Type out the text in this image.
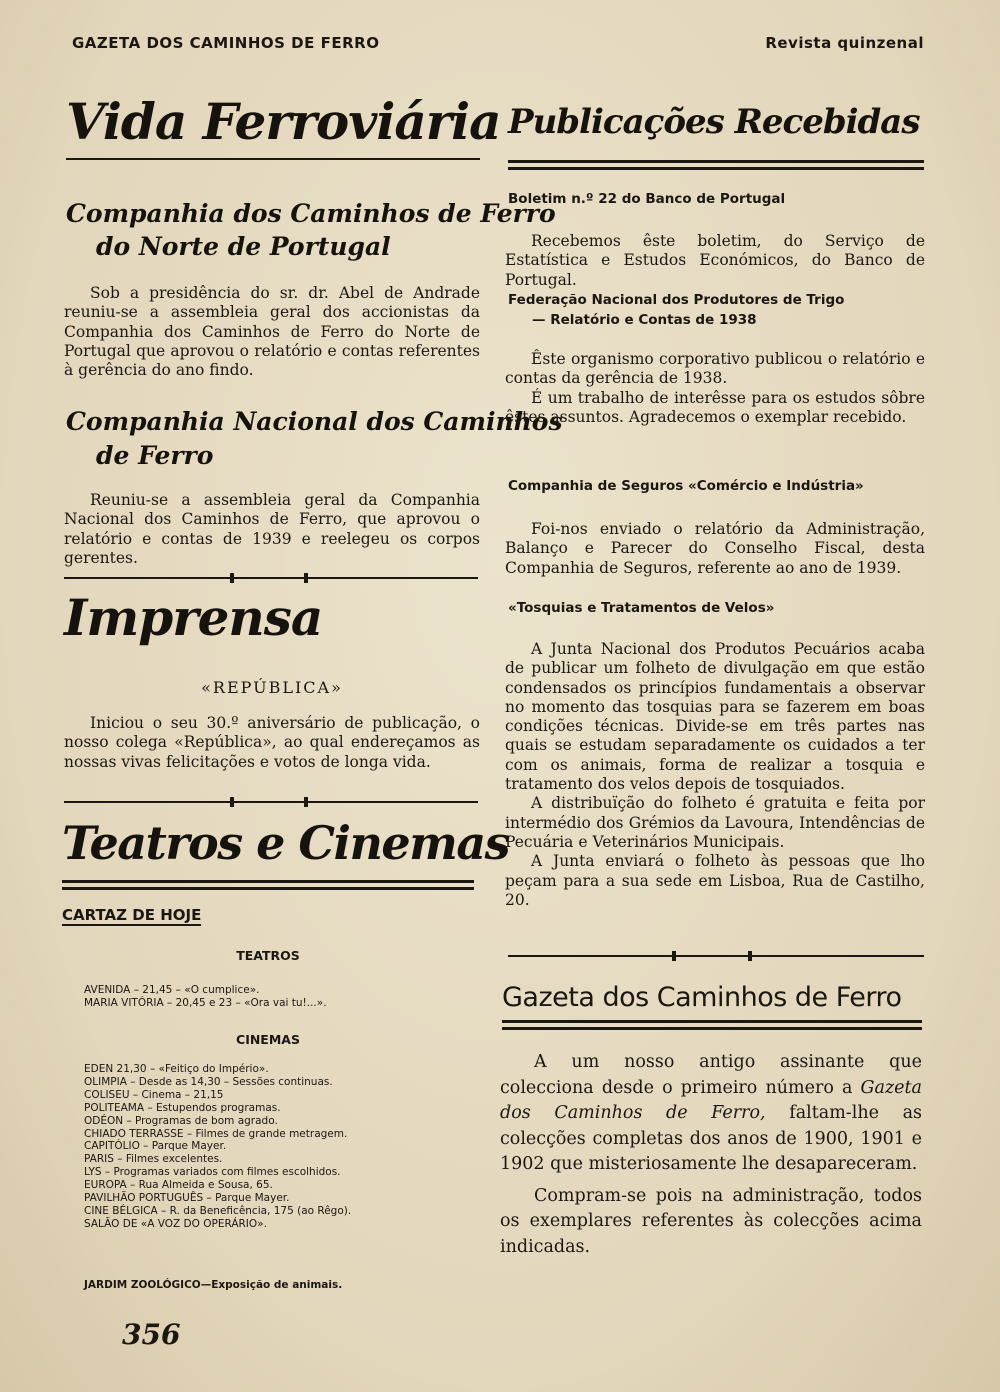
GAZETA DOS CAMINHOS DE FERRO	Revista quinzenal
Vida Ferroviária
Companhia dos Caminhos de Ferro
do Norte de Portugal

Sob a presidência do sr. dr. Abel de Andrade reuniu-se a assembleia geral dos accionistas da Companhia dos Caminhos de Ferro do Norte de Portugal que aprovou o relatório e contas referentes à gerência do ano findo.

Companhia Nacional dos Caminhos
de Ferro

Reuniu-se a assembleia geral da Companhia Nacional dos Caminhos de Ferro, que aprovou o relatório e contas de 1939 e reelegeu os corpos gerentes.

Imprensa
«REPÚBLICA»

Iniciou o seu 30.º aniversário de publicação, o nosso colega «República», ao qual endereçamos as nossas vivas felicitações e votos de longa vida.

Teatros e Cinemas
CARTAZ DE HOJE
TEATROS
AVENIDA – 21,45 – «O cumplice».
MARIA VITÓRIA – 20,45 e 23 – «Ora vai tu!...».
CINEMAS
EDEN 21,30 – «Feitiço do Império».
OLIMPIA – Desde as 14,30 – Sessões continuas.
COLISEU – Cinema – 21,15
POLITEAMA – Estupendos programas.
ODÉON – Programas de bom agrado.
CHIADO TERRASSE – Filmes de grande metragem.
CAPITÓLIO – Parque Mayer.
PARIS – Filmes excelentes.
LYS – Programas variados com filmes escolhidos.
EUROPA – Rua Almeida e Sousa, 65.
PAVILHÃO PORTUGUÊS – Parque Mayer.
CINE BÉLGICA – R. da Beneficência, 175 (ao Rêgo).
SALÃO DE «A VOZ DO OPERÁRIO».
JARDIM ZOOLÓGICO—Exposição de animais.
356
Publicações Recebidas
Boletim n.º 22 do Banco de Portugal

Recebemos êste boletim, do Serviço de Estatística e Estudos Económicos, do Banco de Portugal.

Federação Nacional dos Produtores de Trigo
— Relatório e Contas de 1938

Êste organismo corporativo publicou o relatório e contas da gerência de 1938.

É um trabalho de interêsse para os estudos sôbre êstes assuntos. Agradecemos o exemplar recebido.

Companhia de Seguros «Comércio e Indústria»

Foi-nos enviado o relatório da Administração, Balanço e Parecer do Conselho Fiscal, desta Companhia de Seguros, referente ao ano de 1939.

«Tosquias e Tratamentos de Velos»

A Junta Nacional dos Produtos Pecuários acaba de publicar um folheto de divulgação em que estão condensados os princípios fundamentais a observar no momento das tosquias para se fazerem em boas condições técnicas. Divide-se em três partes nas quais se estudam separadamente os cuidados a ter com os animais, forma de realizar a tosquia e tratamento dos velos depois de tosquiados.

A distribuïção do folheto é gratuita e feita por intermédio dos Grémios da Lavoura, Intendências de Pecuária e Veterinários Municipais.

A Junta enviará o folheto às pessoas que lho peçam para a sua sede em Lisboa, Rua de Castilho, 20.

Gazeta dos Caminhos de Ferro

A um nosso antigo assinante que colecciona desde o primeiro número a Gazeta dos Caminhos de Ferro, faltam-lhe as colecções completas dos anos de 1900, 1901 e 1902 que misteriosamente lhe desapareceram.

Compram-se pois na administração, todos os exemplares referentes às colecções acima indicadas.
